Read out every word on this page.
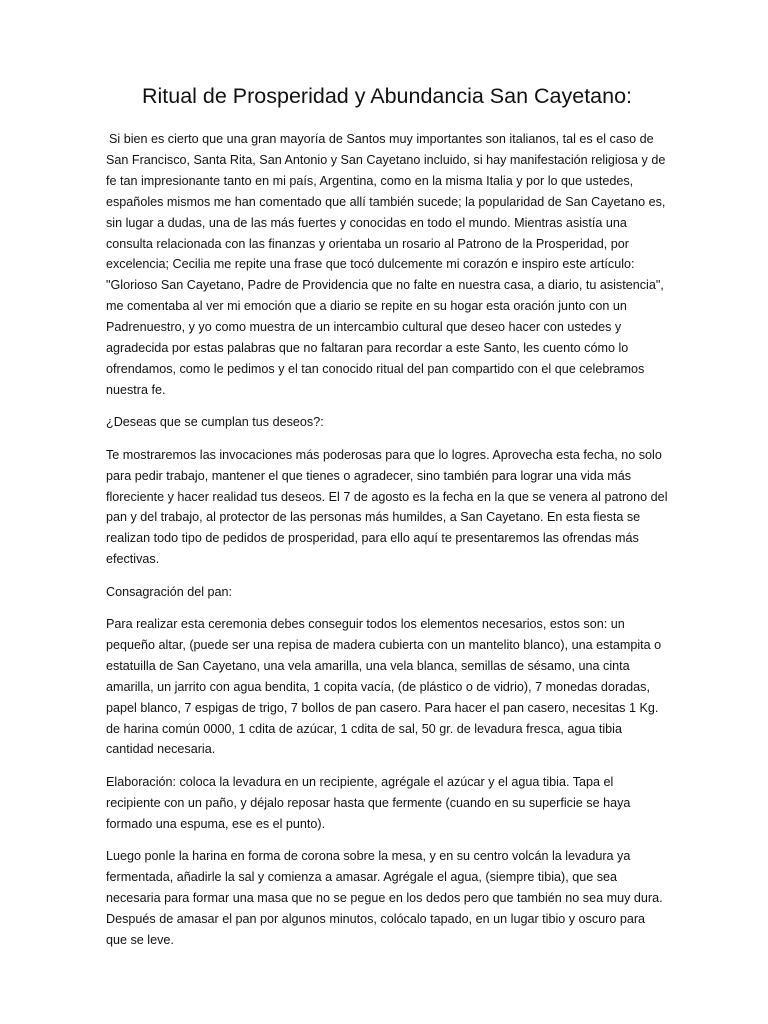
Ritual de Prosperidad y Abundancia San Cayetano:

Si bien es cierto que una gran mayoría de Santos muy importantes son italianos, tal es el caso de San Francisco, Santa Rita, San Antonio y San Cayetano incluido, si hay manifestación religiosa y de fe tan impresionante tanto en mi país, Argentina, como en la misma Italia y por lo que ustedes, españoles mismos me han comentado que allí también sucede; la popularidad de San Cayetano es, sin lugar a dudas, una de las más fuertes y conocidas en todo el mundo. Mientras asistía una consulta relacionada con las finanzas y orientaba un rosario al Patrono de la Prosperidad, por excelencia; Cecilia me repite una frase que tocó dulcemente mi corazón e inspiro este artículo: "Glorioso San Cayetano, Padre de Providencia que no falte en nuestra casa, a diario, tu asistencia", me comentaba al ver mi emoción que a diario se repite en su hogar esta oración junto con un Padrenuestro, y yo como muestra de un intercambio cultural que deseo hacer con ustedes y agradecida por estas palabras que no faltaran para recordar a este Santo, les cuento cómo lo ofrendamos, como le pedimos y el tan conocido ritual del pan compartido con el que celebramos nuestra fe.

¿Deseas que se cumplan tus deseos?:

Te mostraremos las invocaciones más poderosas para que lo logres. Aprovecha esta fecha, no solo para pedir trabajo, mantener el que tienes o agradecer, sino también para lograr una vida más floreciente y hacer realidad tus deseos. El 7 de agosto es la fecha en la que se venera al patrono del pan y del trabajo, al protector de las personas más humildes, a San Cayetano. En esta fiesta se realizan todo tipo de pedidos de prosperidad, para ello aquí te presentaremos las ofrendas más efectivas.

Consagración del pan:

Para realizar esta ceremonia debes conseguir todos los elementos necesarios, estos son: un pequeño altar, (puede ser una repisa de madera cubierta con un mantelito blanco), una estampita o estatuilla de San Cayetano, una vela amarilla, una vela blanca, semillas de sésamo, una cinta amarilla, un jarrito con agua bendita, 1 copita vacía, (de plástico o de vidrio), 7 monedas doradas, papel blanco, 7 espigas de trigo, 7 bollos de pan casero. Para hacer el pan casero, necesitas 1 Kg. de harina común 0000, 1 cdita de azúcar, 1 cdita de sal, 50 gr. de levadura fresca, agua tibia cantidad necesaria.

Elaboración: coloca la levadura en un recipiente, agrégale el azúcar y el agua tibia. Tapa el recipiente con un paño, y déjalo reposar hasta que fermente (cuando en su superficie se haya formado una espuma, ese es el punto).

Luego ponle la harina en forma de corona sobre la mesa, y en su centro volcán la levadura ya fermentada, añadirle la sal y comienza a amasar. Agrégale el agua, (siempre tibia), que sea necesaria para formar una masa que no se pegue en los dedos pero que también no sea muy dura. Después de amasar el pan por algunos minutos, colócalo tapado, en un lugar tibio y oscuro para que se leve.
